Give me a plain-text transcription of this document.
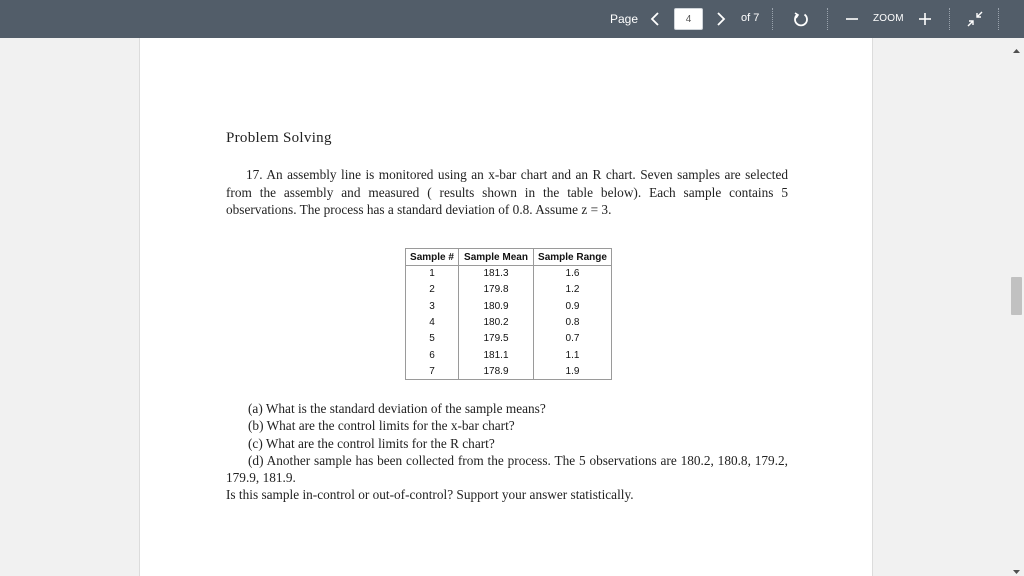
Page
4	of 7	ZOOM
Problem Solving
17. An assembly line is monitored using an x-bar chart and an R chart. Seven samples are selected from the assembly and measured ( results shown in the table below). Each sample contains 5 observations. The process has a standard deviation of 0.8. Assume z = 3.
Sample #	Sample Mean	Sample Range
1	181.3	1.6
2	179.8	1.2
3	180.9	0.9
4	180.2	0.8
5	179.5	0.7
6	181.1	1.1
7	178.9	1.9
(a) What is the standard deviation of the sample means?
(b) What are the control limits for the x-bar chart?
(c) What are the control limits for the R chart?
(d) Another sample has been collected from the process. The 5 observations are 180.2, 180.8, 179.2, 179.9, 181.9.
Is this sample in-control or out-of-control? Support your answer statistically.
